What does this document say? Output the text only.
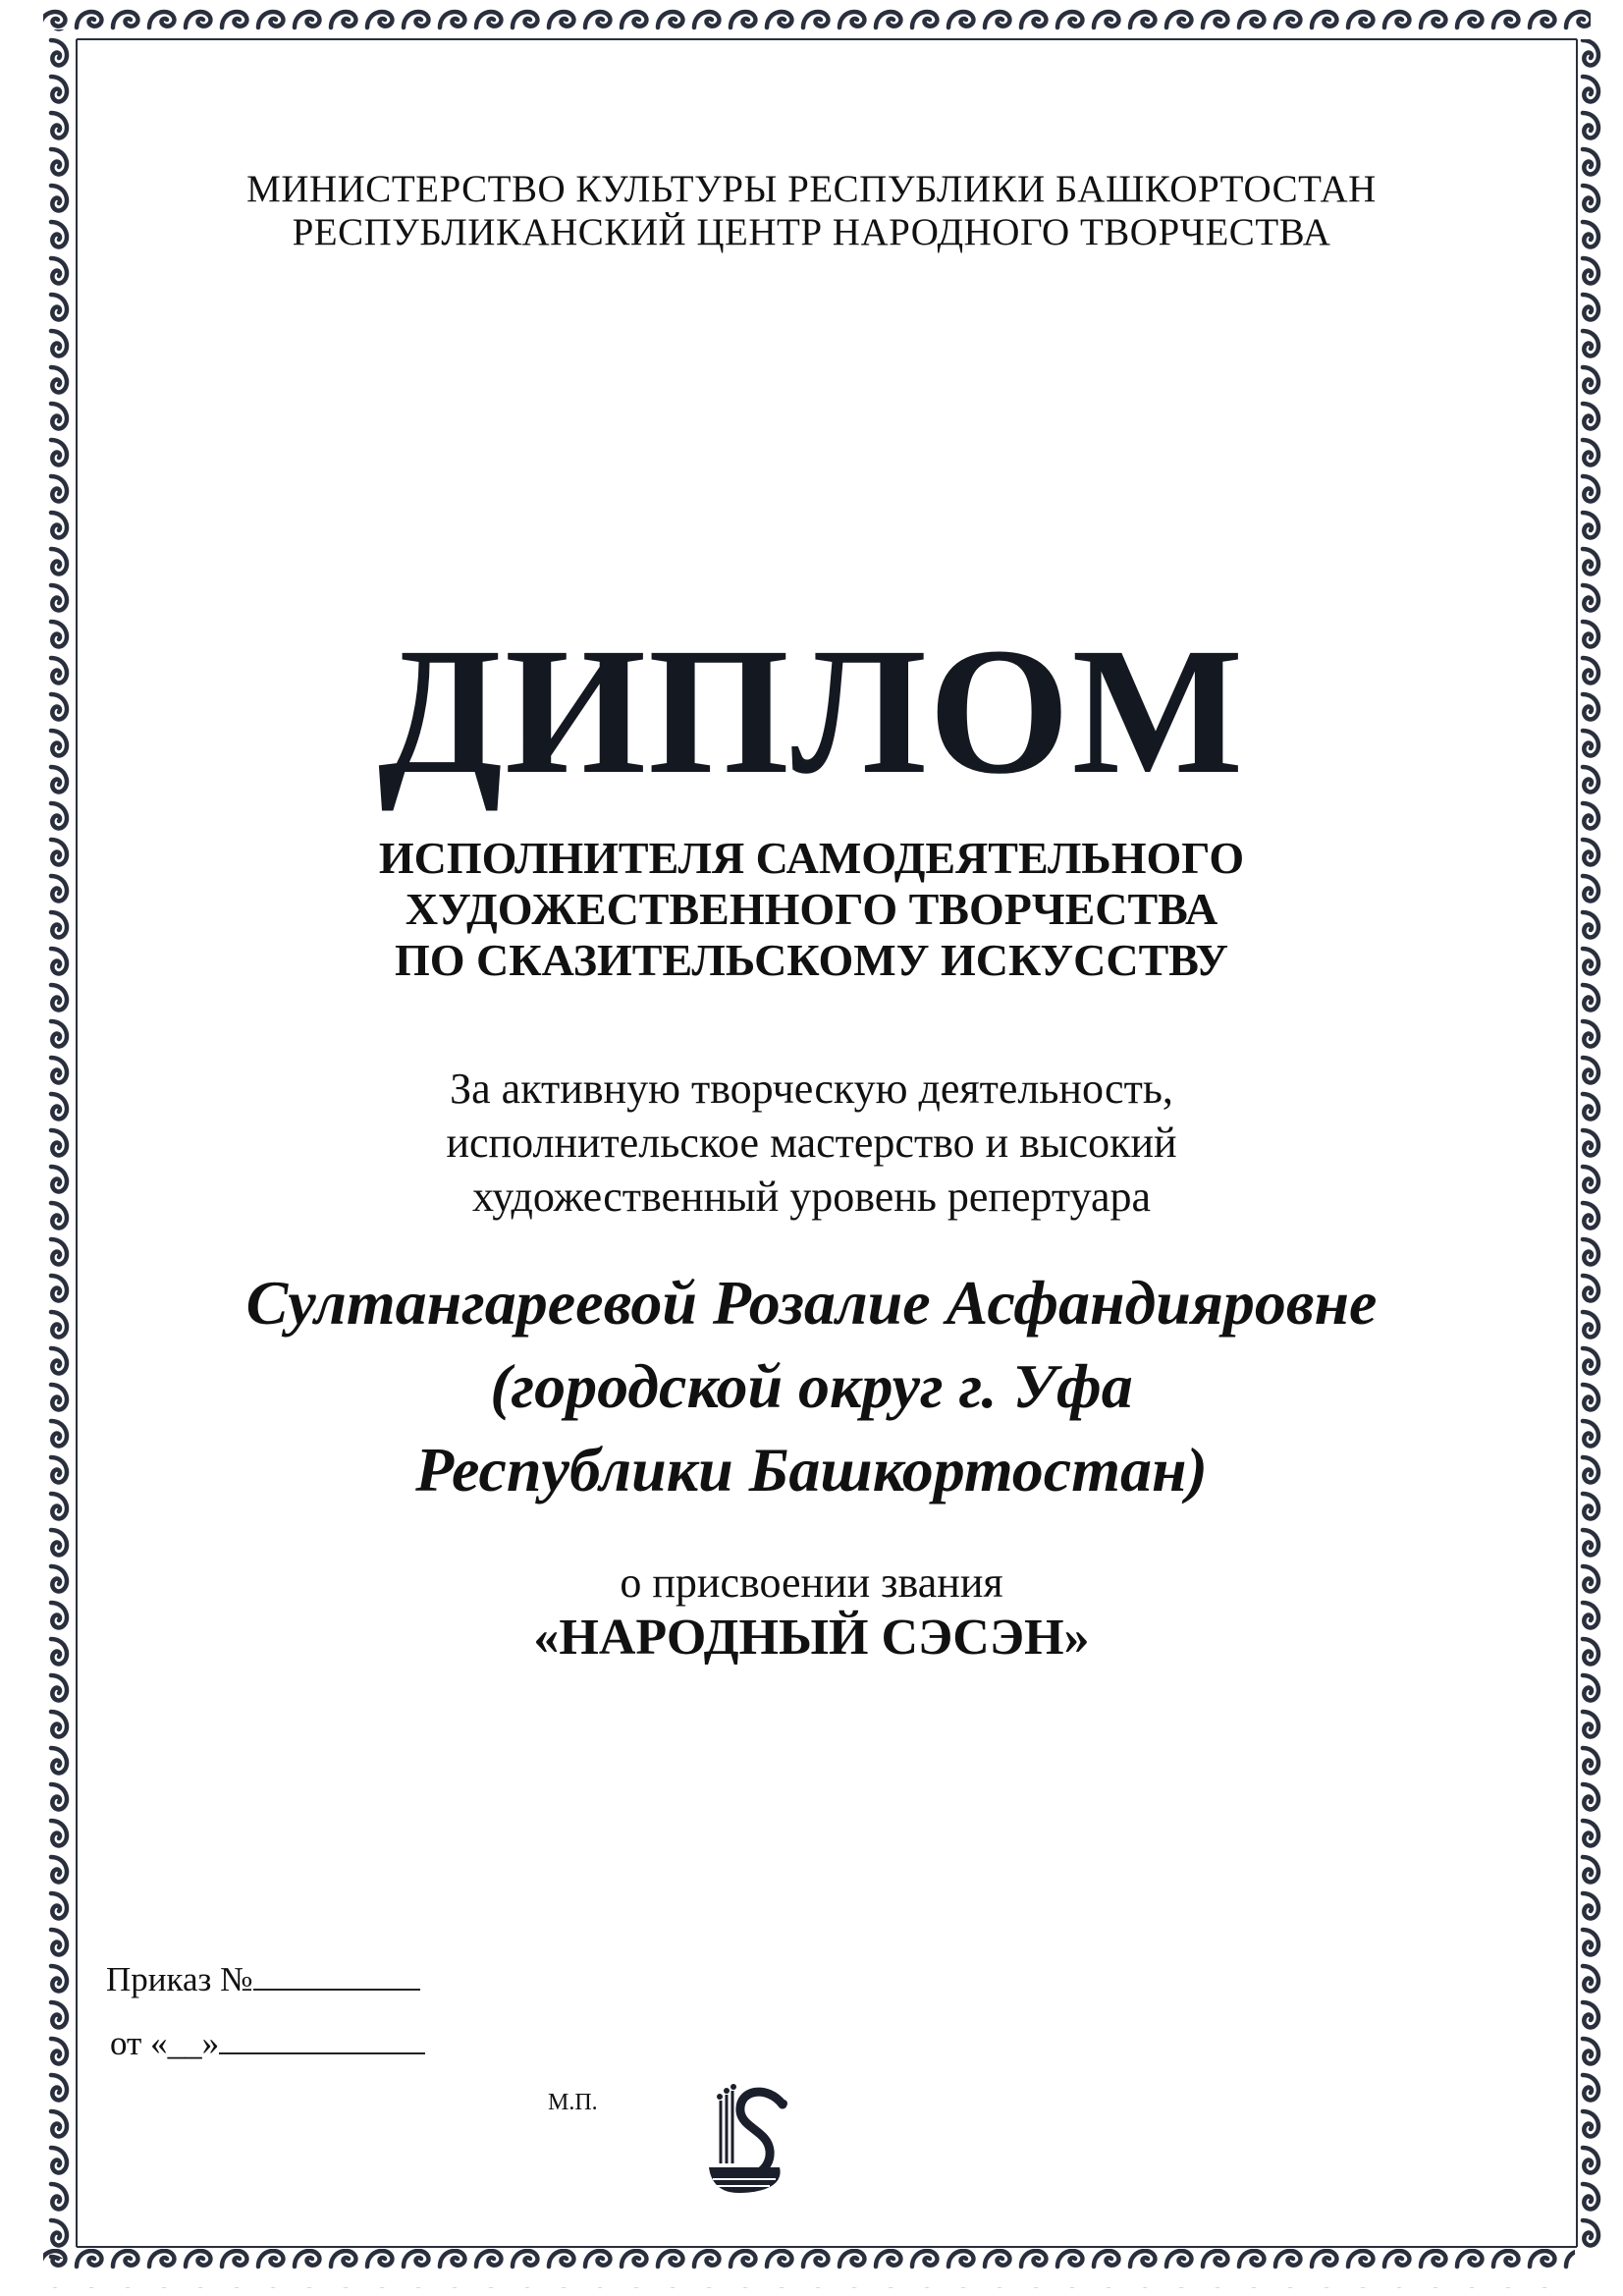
МИНИСТЕРСТВО КУЛЬТУРЫ РЕСПУБЛИКИ БАШКОРТОСТАН
РЕСПУБЛИКАНСКИЙ ЦЕНТР НАРОДНОГО ТВОРЧЕСТВА
ДИПЛОМ
ИСПОЛНИТЕЛЯ САМОДЕЯТЕЛЬНОГО
ХУДОЖЕСТВЕННОГО ТВОРЧЕСТВА
ПО СКАЗИТЕЛЬСКОМУ ИСКУССТВУ
За активную творческую деятельность,
исполнительское мастерство и высокий
художественный уровень репертуара
Султангареевой Розалие Асфандияровне
(городской округ г. Уфа
Республики Башкортостан)
о присвоении звания
«НАРОДНЫЙ СЭСЭН»
Приказ №
от «__»
М.П.
